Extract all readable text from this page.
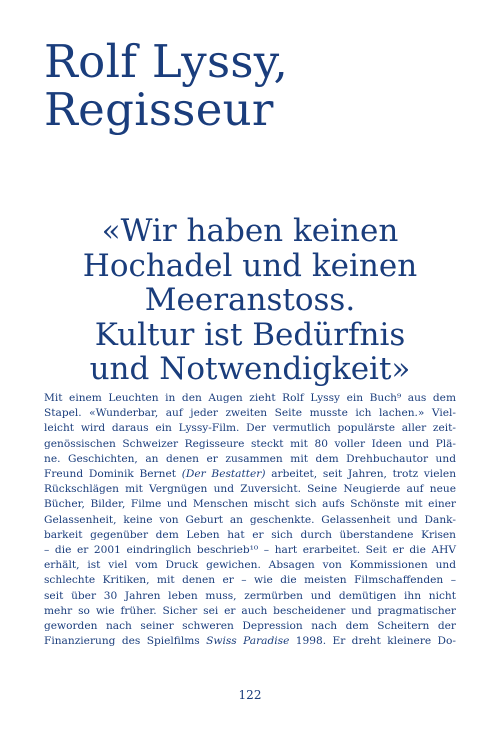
Rolf Lyssy,
Regisseur
«Wir haben keinen
Hochadel und keinen
Meeranstoss.
Kultur ist Bedürfnis
und Notwendigkeit»
Mit einem Leuchten in den Augen zieht Rolf Lyssy ein Buch⁹ aus dem
Stapel. «Wunderbar, auf jeder zweiten Seite musste ich lachen.» Viel-
leicht wird daraus ein Lyssy-Film. Der vermutlich populärste aller zeit-
genössischen Schweizer Regisseure steckt mit 80 voller Ideen und Plä-
ne. Geschichten, an denen er zusammen mit dem Drehbuchautor und
Freund Dominik Bernet (Der Bestatter) arbeitet, seit Jahren, trotz vielen
Rückschlägen mit Vergnügen und Zuversicht. Seine Neugierde auf neue
Bücher, Bilder, Filme und Menschen mischt sich aufs Schönste mit einer
Gelassenheit, keine von Geburt an geschenkte. Gelassenheit und Dank-
barkeit gegenüber dem Leben hat er sich durch überstandene Krisen
– die er 2001 eindringlich beschrieb¹⁰ – hart erarbeitet. Seit er die AHV
erhält, ist viel vom Druck gewichen. Absagen von Kommissionen und
schlechte Kritiken, mit denen er – wie die meisten Filmschaffenden –
seit über 30 Jahren leben muss, zermürben und demütigen ihn nicht
mehr so wie früher. Sicher sei er auch bescheidener und pragmatischer
geworden nach seiner schweren Depression nach dem Scheitern der
Finanzierung des Spielfilms Swiss Paradise 1998. Er dreht kleinere Do-
122
